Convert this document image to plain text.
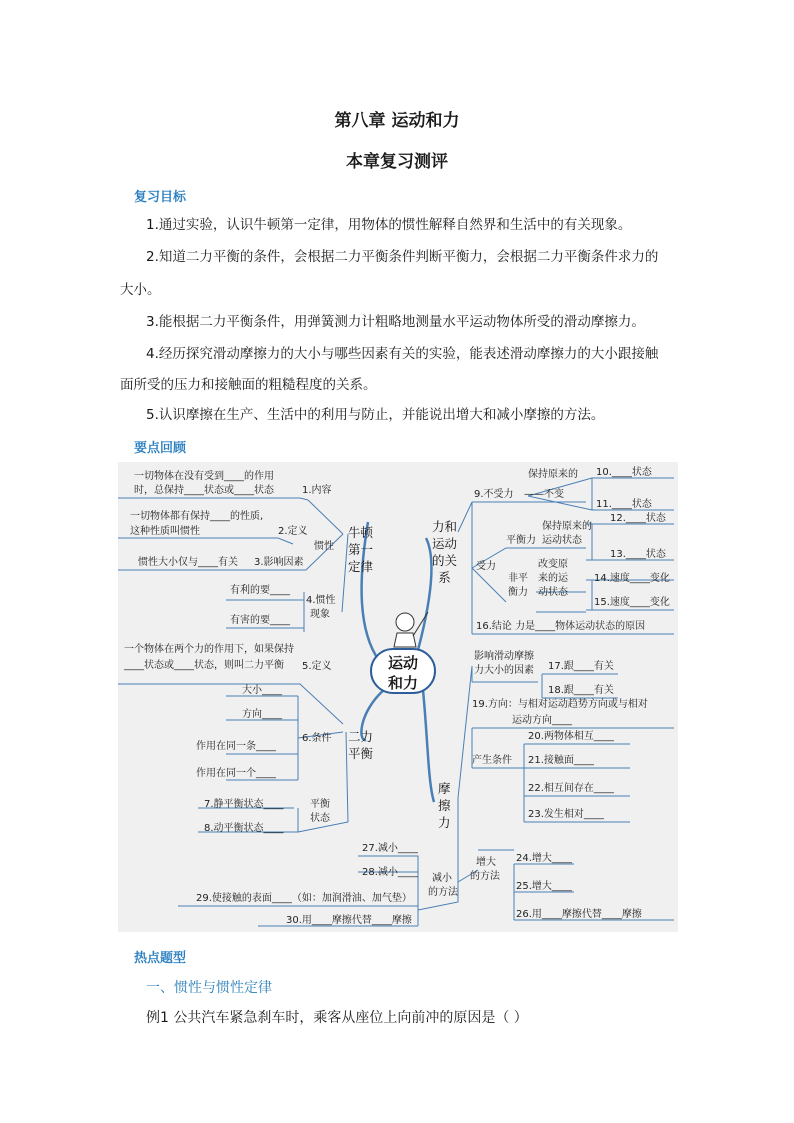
第八章 运动和力
本章复习测评
复习目标
1.通过实验，认识牛顿第一定律，用物体的惯性解释自然界和生活中的有关现象。
2.知道二力平衡的条件，会根据二力平衡条件判断平衡力，会根据二力平衡条件求力的
大小。
3.能根据二力平衡条件，用弹簧测力计粗略地测量水平运动物体所受的滑动摩擦力。
4.经历探究滑动摩擦力的大小与哪些因素有关的实验，能表述滑动摩擦力的大小跟接触
面所受的压力和接触面的粗糙程度的关系。
5.认识摩擦在生产、生活中的利用与防止，并能说出增大和减小摩擦的方法。
要点回顾
运动
和力
牛顿
第一
定律
二力
平衡
力和
运动
的关
系
摩
擦
力
一切物体在没有受到____的作用
时，总保持____状态或____状态	1.内容
一切物体都有保持____的性质,
这种性质叫惯性	2.定义
惯性
惯性大小仅与____有关 3.影响因素
有利的要____
有害的要____
4.惯性
现象
一个物体在两个力的作用下，如果保持
____状态或____状态，则叫二力平衡 5.定义
大小____
方向____
作用在同一条____
作用在同一个____
6.条件
7.静平衡状态____
8.动平衡状态____
平衡
状态
9.不受力
保持原来的
——不变
10.____状态
11.____状态
平衡力
保持原来的
运动状态
12.____状态
13.____状态
受力
非平
衡力
改变原
来的运
动状态
14.速度____变化
15.速度____变化
16.结论 力是____物体运动状态的原因
影响滑动摩擦
力大小的因素 17.跟____有关
18.跟____有关
19.方向：与相对运动趋势方向或与相对
运动方向____
产生条件
20.两物体相互____
21.接触面____
22.相互间存在____
23.发生相对____
增大
的方法
24.增大____
25.增大____
26.用____摩擦代替____摩擦
减小
的方法
27.减小____
28.减小____
29.使接触的表面____（如：加润滑油、加气垫）
30.用____摩擦代替____摩擦
热点题型
一、惯性与惯性定律
例1 公共汽车紧急刹车时，乘客从座位上向前冲的原因是（ ）
